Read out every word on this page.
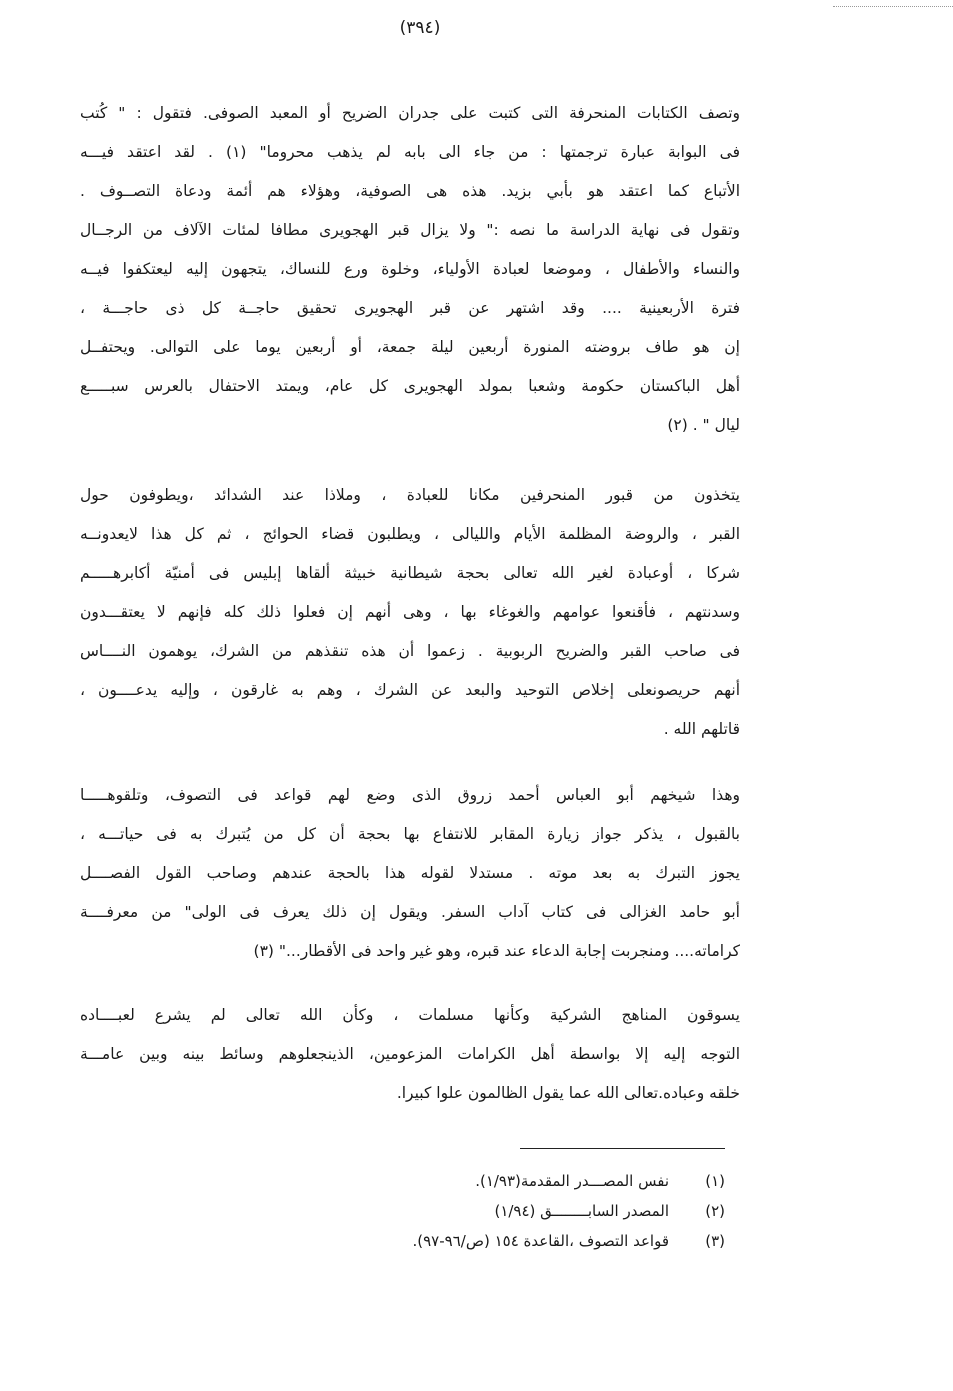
(٣٩٤)
وتصف الكتابات المنحرفة التى كتبت على جدران الضريح أو المعبد الصوفى. فتقول : " كُتب
فى البوابة عبارة ترجمتها : من جاء الى بابه لم يذهب محروما" (١) . لقد اعتقد فيـــه
الأتباع كما اعتقد هو بأبي بزيد. هذه هى الصوفية، وهؤلاء هم أئمة ودعاة التصــوف .
وتقول فى نهاية الدراسة ما نصه :" ولا يزال قبر الهجويرى مطافا لمئات الآلاف من الرجــال
والنساء والأطفال ، وموضعا لعبادة الأولياء، وخلوة ورع للنساك، يتجهون إليه ليعتكفوا فيــه
فترة الأربعينية .... وقد اشتهر عن قبر الهجويرى تحقيق حاجــة كل ذى حاجـــة ،
إن هو طاف بروضته المنورة أربعين ليلة جمعة، أو أربعين يوما على التوالى. ويحتفــل
أهل الباكستان حكومة وشعبا بمولد الهجويرى كل عام، ويمتد الاحتفال بالعرس سبـــــع
ليال " . (٢)
يتخذون من قبور المنحرفين مكانا للعبادة ، وملاذا عند الشدائد ،ويطوفون حول
القبر ، والروضة المظلمة الأيام والليالى ، ويطلبون قضاء الحوائج ، ثم كل هذا لايعدونــه
شركا ، أوعبادة لغير الله تعالى بحجة شيطانية خبيثة ألقاها إبليس فى أمنيّة أكابرهـــــم
وسدنتهم ، فأقنعوا عوامهم والغوغاء بها ، وهى أنهم إن فعلوا ذلك كله فإنهم لا يعتقـــدون
فى صاحب القبر والضريح الربوبية . زعموا أن هذه تنقذهم من الشرك، يوهمون النــــاس
أنهم حريصونعلى إخلاص التوحيد والبعد عن الشرك ، وهم به غارقون ، وإليه يدعــــون ،
قاتلهم الله .
وهذا شيخهم أبو العباس أحمد زروق الذى وضع لهم قواعد فى التصوف، وتلقوهـــــا
بالقبول ، يذكر جواز زيارة المقابر للانتفاع بها بحجة أن كل من يُتبرك به فى حياتـــه ،
يجوز التبرك به بعد موته . مستدلا لقوله هذا بالحجة عندهم وصاحب القول الفصــــل
أبو حامد الغزالى فى كتاب آداب السفر. ويقول إن ذلك يعرف فى الولى" من معرفــــة
كراماته.... ومنجربت إجابة الدعاء عند قبره، وهو غير واحد فى الأقطار..." (٣)
يسوقون المناهج الشركية وكأنها مسلمات ، وكأن الله تعالى لم يشرع لعبــــاده
التوجه إليه إلا بواسطة أهل الكرامات المزعومين، الذينجعلوهم وسائط بينه وبين عامـــة
خلقه وعباده.تعالى الله عما يقول الظالمون علوا كبيرا.
(١)
نفس المصـــدر المقدمة(١/٩٣).
(٢)
المصدر السابــــــــق (١/٩٤)
(٣)
قواعد التصوف ،القاعدة ١٥٤ (ص/٩٦-٩٧).
